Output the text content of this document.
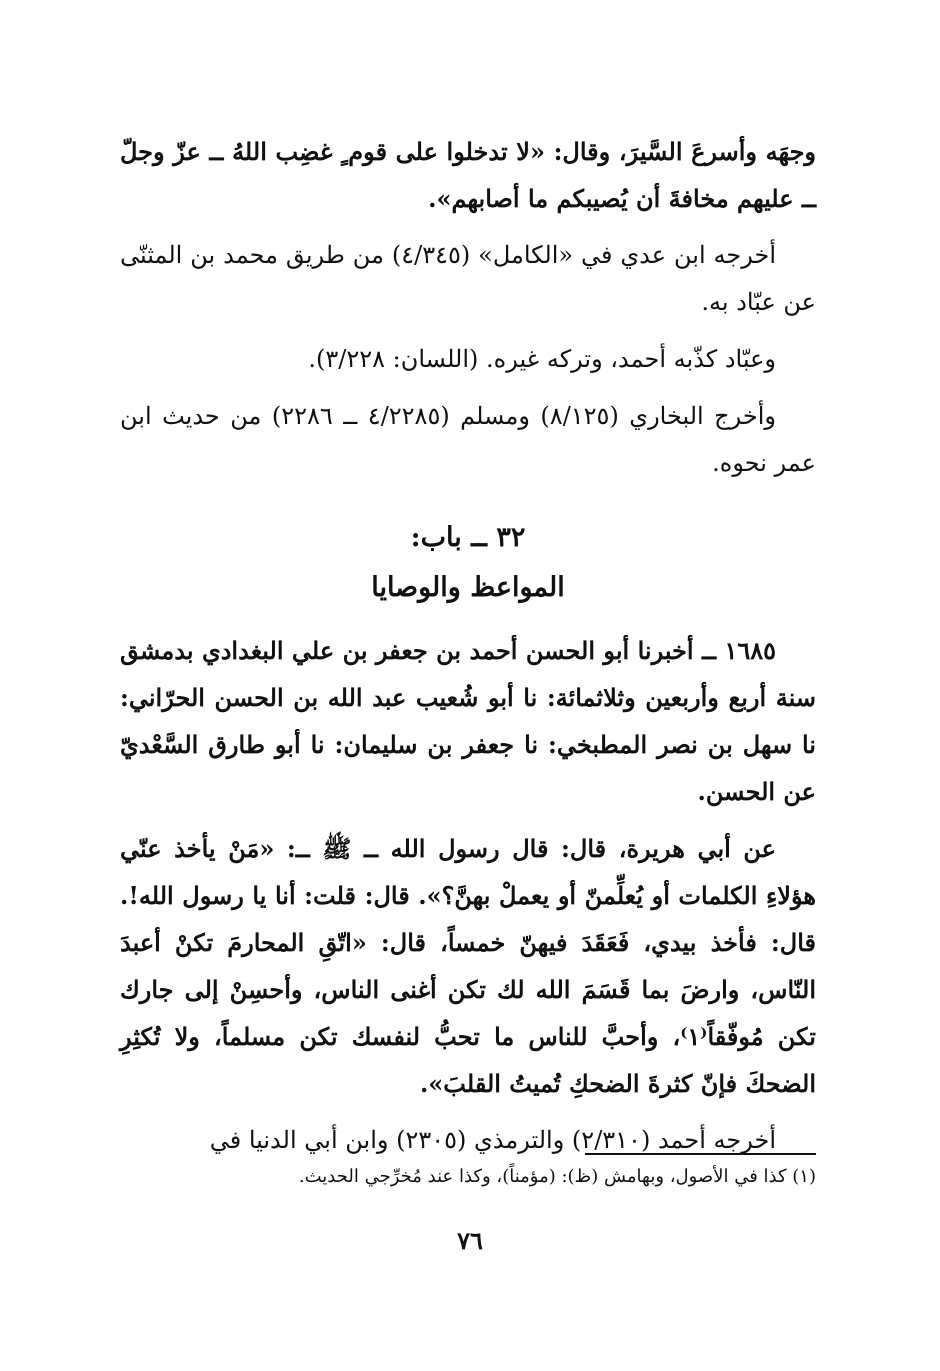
وجهَه وأسرعَ السَّيرَ، وقال: «لا تدخلوا على قوم ٍ غضِب اللهُ ــ عزّ وجلّ ــ عليهم مخافةَ أن يُصيبكم ما أصابهم».

أخرجه ابن عدي في «الكامل» (٤/٣٤٥) من طريق محمد بن المثنّى عن عبّاد به.

وعبّاد كذّبه أحمد، وتركه غيره. (اللسان: ٣/٢٢٨).

وأخرج البخاري (٨/١٢٥) ومسلم (٤/٢٢٨٥ ــ ٢٢٨٦) من حديث ابن عمر نحوه.

٣٢ ــ باب:
المواعظ والوصايا

١٦٨٥ ــ أخبرنا أبو الحسن أحمد بن جعفر بن علي البغدادي بدمشق سنة أربع وأربعين وثلاثمائة: نا أبو شُعيب عبد الله بن الحسن الحرّاني: نا سهل بن نصر المطبخي: نا جعفر بن سليمان: نا أبو طارق السَّعْديّ عن الحسن.

عن أبي هريرة، قال: قال رسول الله ــ ﷺ ــ: «مَنْ يأخذ عنّي هؤلاءِ الكلمات أو يُعلِّمنّ أو يعملْ بهنَّ؟». قال: قلت: أنا يا رسول الله!. قال: فأخذ بيدي، فَعَقَدَ فيهنّ خمساً، قال: «اتّقِ المحارمَ تكنْ أعبدَ النّاس، وارضَ بما قَسَمَ الله لك تكن أغنى الناس، وأحسِنْ إلى جارك تكن مُوفّقاً⁽١⁾، وأحبَّ للناس ما تحبُّ لنفسك تكن مسلماً، ولا تُكثِرِ الضحكَ فإنّ كثرةَ الضحكِ تُميتُ القلبَ».

أخرجه أحمد (٢/٣١٠) والترمذي (٢٣٠٥) وابن أبي الدنيا في

(١) كذا في الأصول، وبهامش (ظ): (مؤمناً)، وكذا عند مُخرِّجي الحديث.
٧٦
